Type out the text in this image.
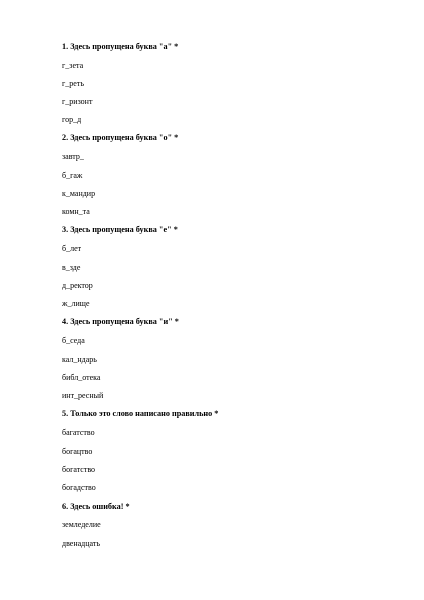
1. Здесь пропущена буква "а" *
г_зета
г_реть
г_ризонт
гор_д
2. Здесь пропущена буква "о" *
завтр_
б_гаж
к_мандир
комн_та
3. Здесь пропущена буква "е" *
б_лет
в_зде
д_ректор
ж_лище
4. Здесь пропущена буква "и" *
б_седа
кал_ндарь
библ_отека
инт_ресный
5. Только это слово написано правильно *
багатство
богацтво
богатство
богадство
6. Здесь ошибка! *
земледелие
двенадцать
